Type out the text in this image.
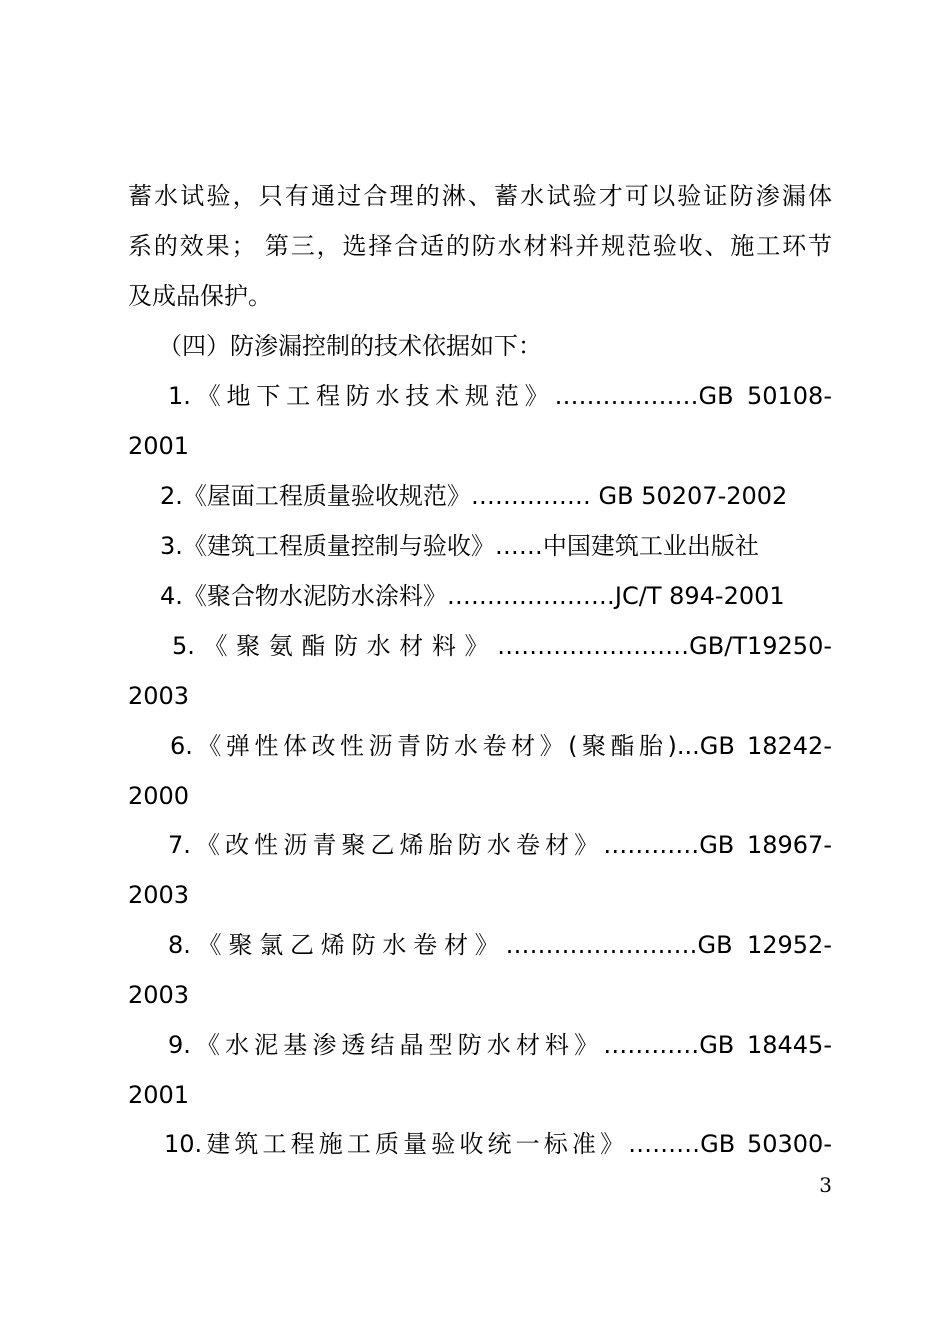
蓄水试验，只有通过合理的淋、蓄水试验才可以验证防渗漏体
系的效果； 第三，选择合适的防水材料并规范验收、施工环节
及成品保护。
（四）防渗漏控制的技术依据如下：
1.《地下工程防水技术规范》………………GB 50108-
2001
2.《屋面工程质量验收规范》…………… GB 50207-2002
3.《建筑工程质量控制与验收》……中国建筑工业出版社
4.《聚合物水泥防水涂料》…………………JC/T 894-2001
5.《聚氨酯防水材料》……………………GB/T19250-
2003
6.《弹性体改性沥青防水卷材》(聚酯胎)...GB 18242-
2000
7.《改性沥青聚乙烯胎防水卷材》…………GB 18967-
2003
8.《聚氯乙烯防水卷材》……………………GB 12952-
2003
9.《水泥基渗透结晶型防水材料》…………GB 18445-
2001
10.建筑工程施工质量验收统一标准》………GB 50300-
3
